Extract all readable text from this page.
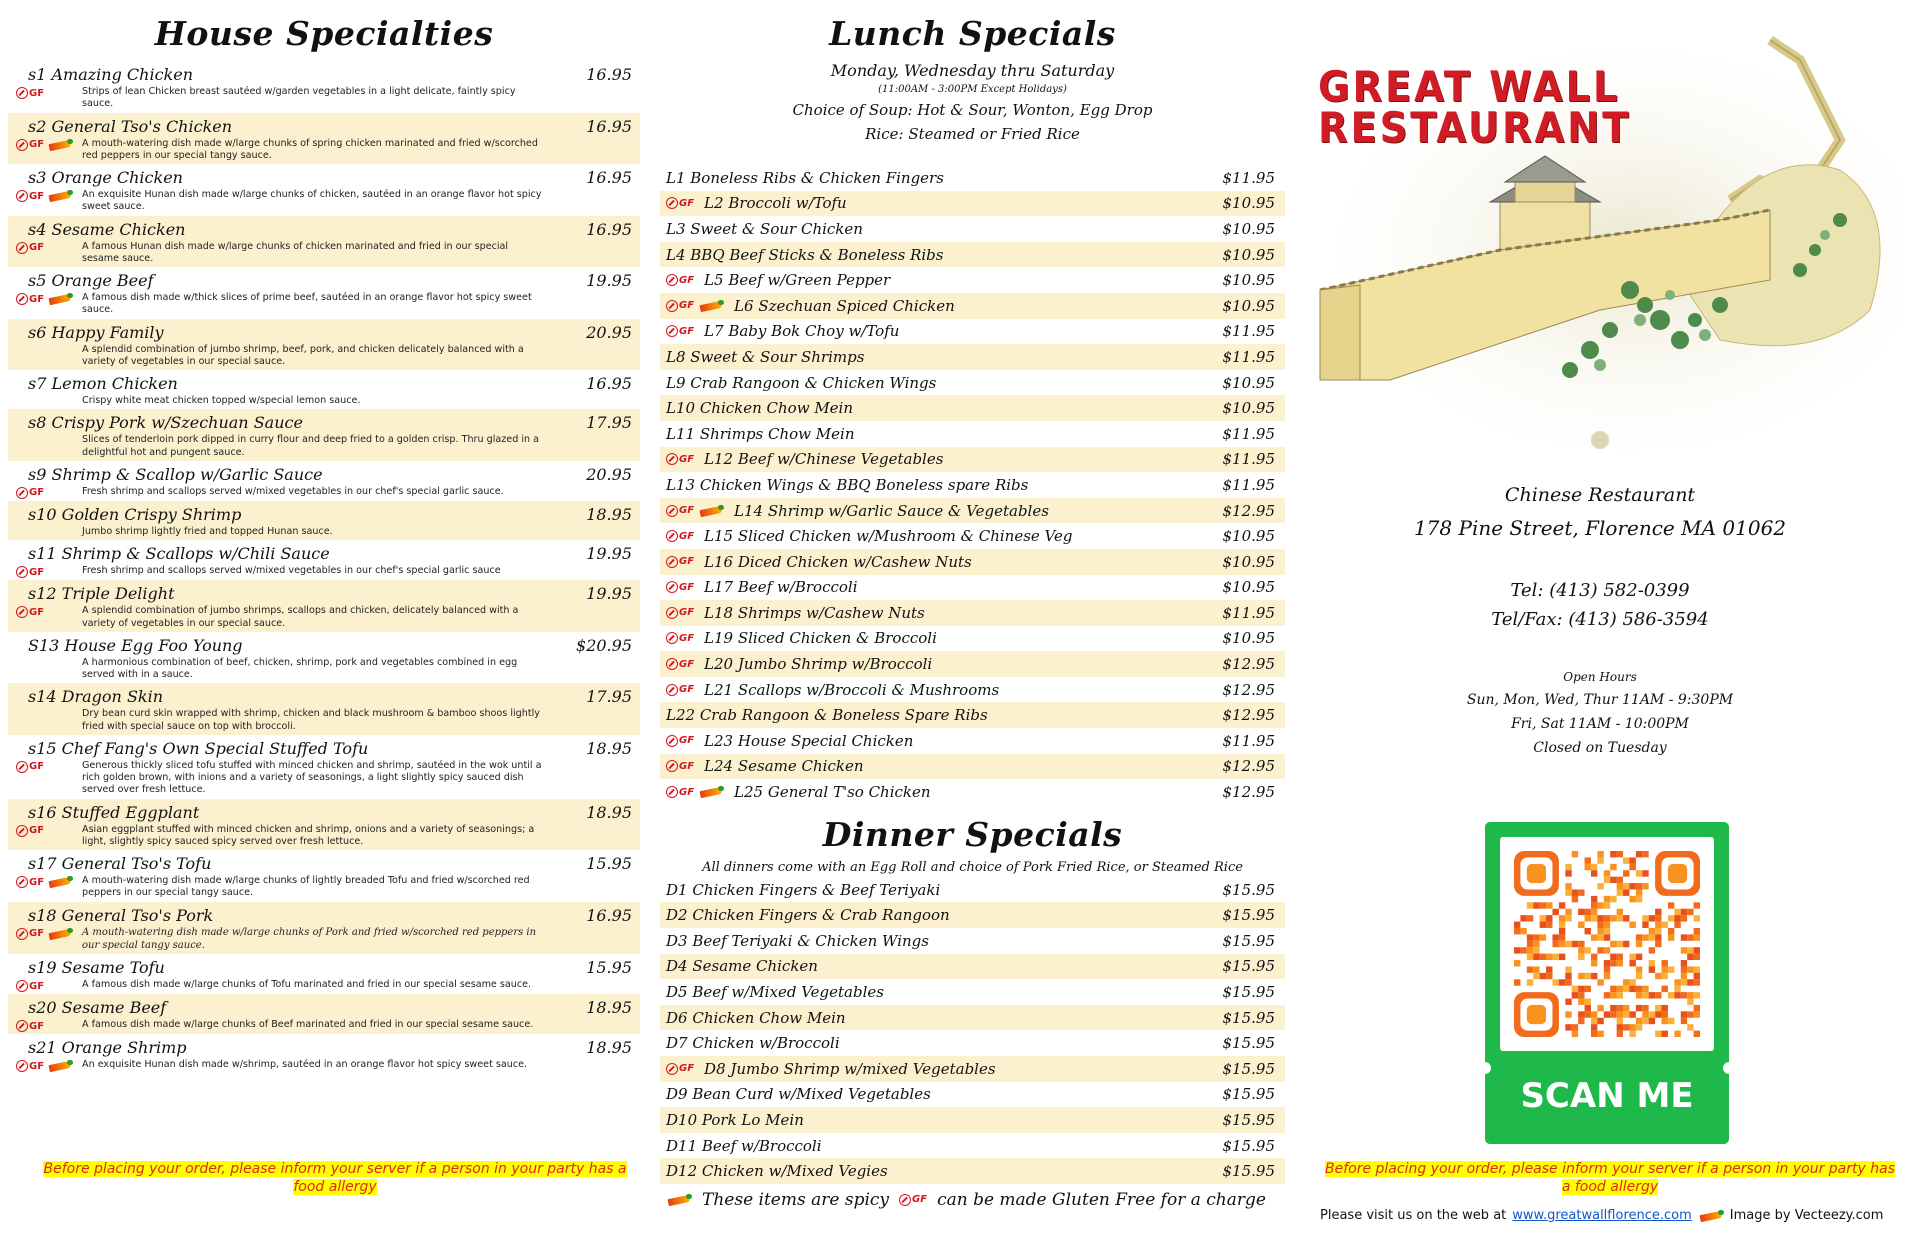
House Specialties
s1 Amazing Chicken	16.95
GF	Strips of lean Chicken breast sautéed w/garden vegetables in a light delicate, faintly spicy sauce.
s2 General Tso's Chicken	16.95
GF	A mouth-watering dish made w/large chunks of spring chicken marinated and fried w/scorched red peppers in our special tangy sauce.
s3 Orange Chicken	16.95
GF	An exquisite Hunan dish made w/large chunks of chicken, sautéed in an orange flavor hot spicy sweet sauce.
s4 Sesame Chicken	16.95
GF	A famous Hunan dish made w/large chunks of chicken marinated and fried in our special sesame sauce.
s5 Orange Beef	19.95
GF	A famous dish made w/thick slices of prime beef, sautéed in an orange flavor hot spicy sweet sauce.
s6 Happy Family	20.95
A splendid combination of jumbo shrimp, beef, pork, and chicken delicately balanced with a variety of vegetables in our special sauce.
s7 Lemon Chicken	16.95
Crispy white meat chicken topped w/special lemon sauce.
s8 Crispy Pork w/Szechuan Sauce	17.95
Slices of tenderloin pork dipped in curry flour and deep fried to a golden crisp. Thru glazed in a delightful hot and pungent sauce.
s9 Shrimp & Scallop w/Garlic Sauce	20.95
GF	Fresh shrimp and scallops served w/mixed vegetables in our chef's special garlic sauce.
s10 Golden Crispy Shrimp	18.95
Jumbo shrimp lightly fried and topped Hunan sauce.
s11 Shrimp & Scallops w/Chili Sauce	19.95
GF	Fresh shrimp and scallops served w/mixed vegetables in our chef's special garlic sauce
s12 Triple Delight	19.95
GF	A splendid combination of jumbo shrimps, scallops and chicken, delicately balanced with a variety of vegetables in our special sauce.
S13 House Egg Foo Young	$20.95
A harmonious combination of beef, chicken, shrimp, pork and vegetables combined in egg served with in a sauce.
s14 Dragon Skin	17.95
Dry bean curd skin wrapped with shrimp, chicken and black mushroom & bamboo shoos lightly fried with special sauce on top with broccoli.
s15 Chef Fang's Own Special Stuffed Tofu	18.95
GF	Generous thickly sliced tofu stuffed with minced chicken and shrimp, sautéed in the wok until a rich golden brown, with inions and a variety of seasonings, a light slightly spicy sauced dish served over fresh lettuce.
s16 Stuffed Eggplant	18.95
GF	Asian eggplant stuffed with minced chicken and shrimp, onions and a variety of seasonings; a light, slightly spicy sauced spicy served over fresh lettuce.
s17 General Tso's Tofu	15.95
GF	A mouth-watering dish made w/large chunks of lightly breaded Tofu and fried w/scorched red peppers in our special tangy sauce.
s18 General Tso's Pork	16.95
GF	A mouth-watering dish made w/large chunks of Pork and fried w/scorched red peppers in our special tangy sauce.
s19 Sesame Tofu	15.95
GF	A famous dish made w/large chunks of Tofu marinated and fried in our special sesame sauce.
s20 Sesame Beef	18.95
GF	A famous dish made w/large chunks of Beef marinated and fried in our special sesame sauce.
s21 Orange Shrimp	18.95
GF	An exquisite Hunan dish made w/shrimp, sautéed in an orange flavor hot spicy sweet sauce.
Before placing your order, please inform your server if a person in your party has a food allergy
Lunch Specials
Monday, Wednesday thru Saturday
(11:00AM - 3:00PM Except Holidays)
Choice of Soup: Hot & Sour, Wonton, Egg Drop
Rice: Steamed or Fried Rice
L1 Boneless Ribs & Chicken Fingers	$11.95
GF L2 Broccoli w/Tofu	$10.95
L3 Sweet & Sour Chicken	$10.95
L4 BBQ Beef Sticks & Boneless Ribs	$10.95
GF L5 Beef w/Green Pepper	$10.95
GF	L6 Szechuan Spiced Chicken	$10.95
GF L7 Baby Bok Choy w/Tofu	$11.95
L8 Sweet & Sour Shrimps	$11.95
L9 Crab Rangoon & Chicken Wings	$10.95
L10 Chicken Chow Mein	$10.95
L11 Shrimps Chow Mein	$11.95
GF L12 Beef w/Chinese Vegetables	$11.95
L13 Chicken Wings & BBQ Boneless spare Ribs	$11.95
GF	L14 Shrimp w/Garlic Sauce & Vegetables	$12.95
GF L15 Sliced Chicken w/Mushroom & Chinese Veg	$10.95
GF L16 Diced Chicken w/Cashew Nuts	$10.95
GF L17 Beef w/Broccoli	$10.95
GF L18 Shrimps w/Cashew Nuts	$11.95
GF L19 Sliced Chicken & Broccoli	$10.95
GF L20 Jumbo Shrimp w/Broccoli	$12.95
GF L21 Scallops w/Broccoli & Mushrooms	$12.95
L22 Crab Rangoon & Boneless Spare Ribs	$12.95
GF L23 House Special Chicken	$11.95
GF L24 Sesame Chicken	$12.95
GF	L25 General T'so Chicken	$12.95
Dinner Specials
All dinners come with an Egg Roll and choice of Pork Fried Rice, or Steamed Rice
D1 Chicken Fingers & Beef Teriyaki	$15.95
D2 Chicken Fingers & Crab Rangoon	$15.95
D3 Beef Teriyaki & Chicken Wings	$15.95
D4 Sesame Chicken	$15.95
D5 Beef w/Mixed Vegetables	$15.95
D6 Chicken Chow Mein	$15.95
D7 Chicken w/Broccoli	$15.95
GF D8 Jumbo Shrimp w/mixed Vegetables	$15.95
D9 Bean Curd w/Mixed Vegetables	$15.95
D10 Pork Lo Mein	$15.95
D11 Beef w/Broccoli	$15.95
D12 Chicken w/Mixed Vegies	$15.95
These items are spicy	GF can be made Gluten Free for a charge
GREAT WALL
RESTAURANT
Chinese Restaurant
178 Pine Street, Florence MA 01062
Tel: (413) 582-0399
Tel/Fax: (413) 586-3594
Open Hours
Sun, Mon, Wed, Thur 11AM - 9:30PM
Fri, Sat 11AM - 10:00PM
Closed on Tuesday
SCAN ME
Before placing your order, please inform your server if a person in your party has a food allergy
Please visit us on the web at www.greatwallflorence.com	Image by Vecteezy.com
